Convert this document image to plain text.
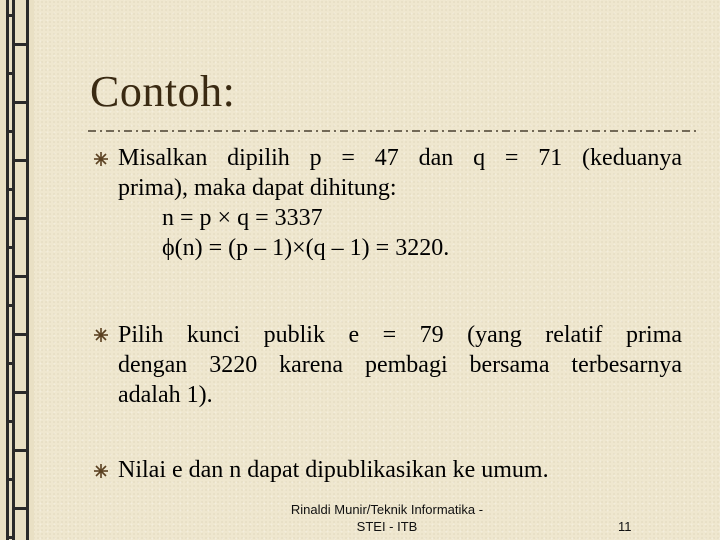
Contoh:
Misalkan dipilih p = 47 dan q = 71 (keduanya
prima), maka dapat dihitung:
n = p × q = 3337
ϕ(n) = (p – 1)×(q – 1) = 3220.
Pilih kunci publik e = 79 (yang relatif prima
dengan 3220 karena pembagi bersama terbesarnya
adalah 1).
Nilai e dan n dapat dipublikasikan ke umum.
Rinaldi Munir/Teknik Informatika -
STEI - ITB	11
